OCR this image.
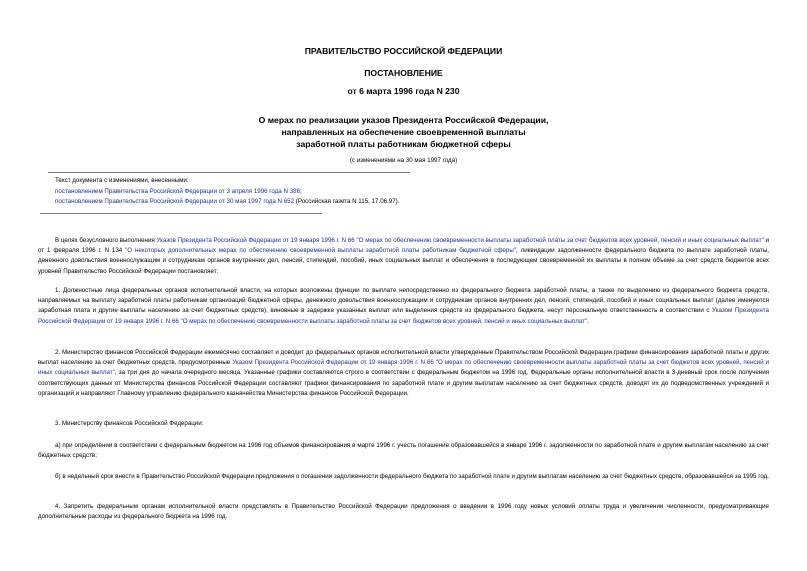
ПРАВИТЕЛЬСТВО РОССИЙСКОЙ ФЕДЕРАЦИИ
ПОСТАНОВЛЕНИЕ
от 6 марта 1996 года N 230
О мерах по реализации указов Президента Российской Федерации,
направленных на обеспечение своевременной выплаты
заработной платы работникам бюджетной сферы
(с изменениями на 30 мая 1997 года)
Текст документа с изменениями, внесенными:
постановлением Правительства Российской Федерации от 3 апреля 1996 года N 386;
постановлением Правительства Российской Федерации от 30 мая 1997 года N 652 (Российская газета N 115, 17.06.97).
В целях безусловного выполнения Указов Президента Российской Федерации от 19 января 1996 г. N 66 "О мерах по обеспечению своевременности выплаты заработной платы за счет бюджетов всех уровней, пенсий и иных социальных выплат" и от 1 февраля 1996 г. N 134 "О некоторых дополнительных мерах по обеспечению своевременной выплаты заработной платы работникам бюджетной сферы", ликвидации задолженности федерального бюджета по выплате заработной платы, денежного довольствия военнослужащим и сотрудникам органов внутренних дел, пенсий, стипендий, пособий, иных социальных выплат и обеспечения в последующем своевременной их выплаты в полном объеме за счет средств бюджетов всех уровней Правительство Российской Федерации постановляет:
1. Должностные лица федеральных органов исполнительной власти, на которых возложены функции по выплате непосредственно из федерального бюджета заработной платы, а также по выделению из федерального бюджета средств, направляемых на выплату заработной платы работникам организаций бюджетной сферы, денежного довольствия военнослужащим и сотрудникам органов внутренних дел, пенсий, стипендий, пособий и иных социальных выплат (далее именуются заработная плата и другие выплаты населению за счет бюджетных средств), виновные в задержке указанных выплат или выделения средств из федерального бюджета, несут персональную ответственность в соответствии с Указом Президента Российской Федерации от 19 января 1996 г. N 66 "О мерах по обеспечению своевременности выплаты заработной платы за счет бюджетов всех уровней, пенсий и иных социальных выплат".
2. Министерство финансов Российской Федерации ежемесячно составляет и доводит до федеральных органов исполнительной власти утвержденные Правительством Российской Федерации графики финансирования заработной платы и других выплат населению за счет бюджетных средств, предусмотренные Указом Президента Российской Федерации от 19 января 1996 г. N 66 "О мерах по обеспечению своевременности выплаты заработной платы за счет бюджетов всех уровней, пенсий и иных социальных выплат", за три дня до начала очередного месяца. Указанные графики составляются строго в соответствии с федеральным бюджетом на 1996 год. Федеральные органы исполнительной власти в 3-дневный срок после получения соответствующих данных от Министерства финансов Российской Федерации составляют графики финансирования по заработной плате и другим выплатам населению за счет бюджетных средств, доводят их до подведомственных учреждений и организаций и направляют Главному управлению федерального казначейства Министерства финансов Российской Федерации.
3. Министерству финансов Российской Федерации:
а) при определении в соответствии с федеральным бюджетом на 1996 год объемов финансирования в марте 1996 г. учесть погашение образовавшейся в январе 1996 г. задолженности по заработной плате и другим выплатам населению за счет бюджетных средств;
б) в недельный срок внести в Правительство Российской Федерации предложения о погашении задолженности федерального бюджета по заработной плате и другим выплатам населению за счет бюджетных средств, образовавшейся за 1995 год.
4. Запретить федеральным органам исполнительной власти представлять в Правительство Российской Федерации предложения о введении в 1996 году новых условий оплаты труда и увеличении численности, предусматривающие дополнительные расходы из федерального бюджета на 1996 год.
